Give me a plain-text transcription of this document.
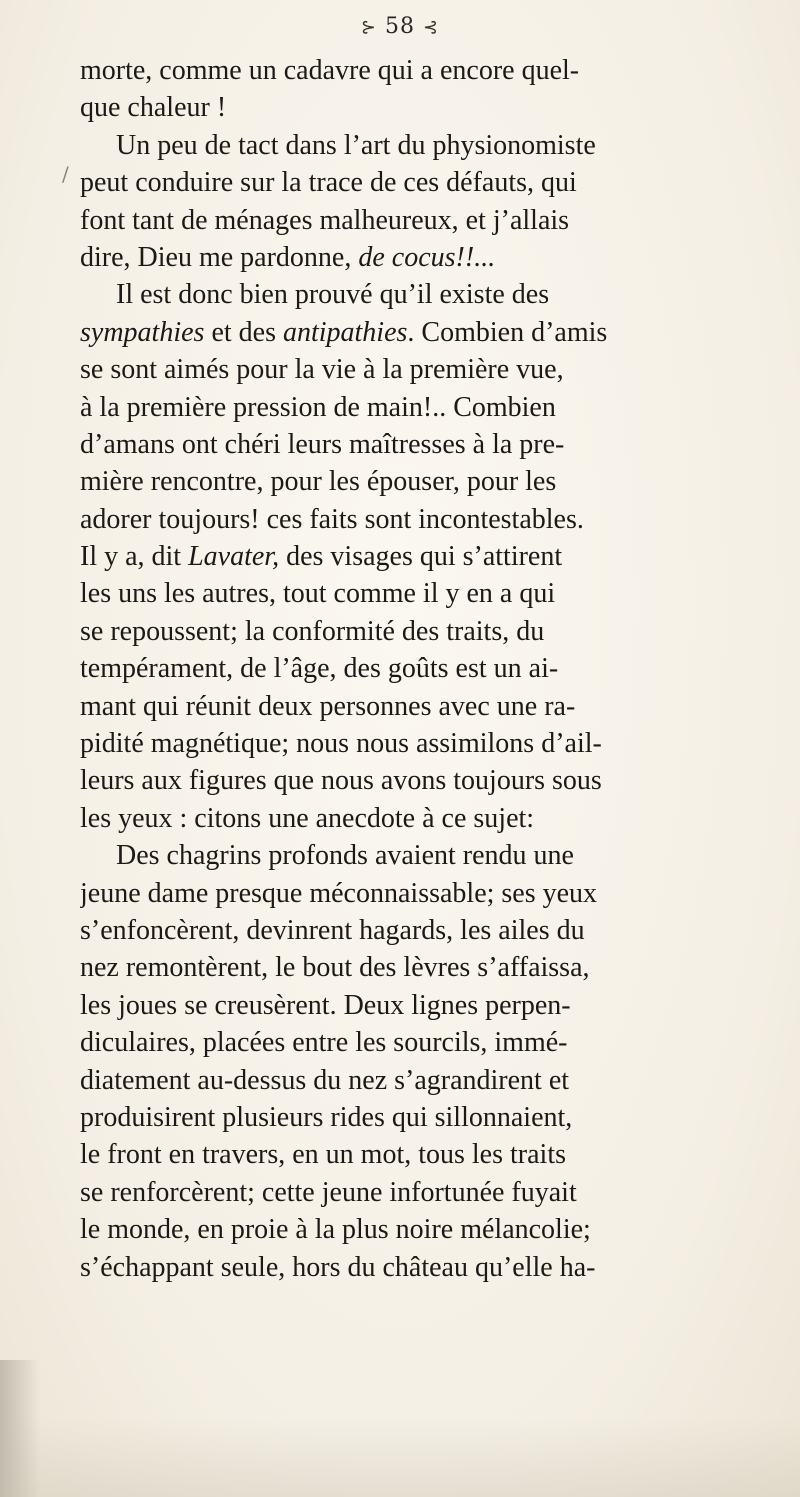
⊱ 58 ⊰
/
morte, comme un cadavre qui a encore quel-
que chaleur !
Un peu de tact dans l’art du physionomiste
peut conduire sur la trace de ces défauts, qui
font tant de ménages malheureux, et j’allais
dire, Dieu me pardonne, de cocus!!...
Il est donc bien prouvé qu’il existe des
sympathies et des antipathies. Combien d’amis
se sont aimés pour la vie à la première vue,
à la première pression de main!.. Combien
d’amans ont chéri leurs maîtresses à la pre-
mière rencontre, pour les épouser, pour les
adorer toujours! ces faits sont incontestables.
Il y a, dit Lavater, des visages qui s’attirent
les uns les autres, tout comme il y en a qui
se repoussent; la conformité des traits, du
tempérament, de l’âge, des goûts est un ai-
mant qui réunit deux personnes avec une ra-
pidité magnétique; nous nous assimilons d’ail-
leurs aux figures que nous avons toujours sous
les yeux : citons une anecdote à ce sujet:
Des chagrins profonds avaient rendu une
jeune dame presque méconnaissable; ses yeux
s’enfoncèrent, devinrent hagards, les ailes du
nez remontèrent, le bout des lèvres s’affaissa,
les joues se creusèrent. Deux lignes perpen-
diculaires, placées entre les sourcils, immé-
diatement au-dessus du nez s’agrandirent et
produisirent plusieurs rides qui sillonnaient,
le front en travers, en un mot, tous les traits
se renforcèrent; cette jeune infortunée fuyait
le monde, en proie à la plus noire mélancolie;
s’échappant seule, hors du château qu’elle ha-
